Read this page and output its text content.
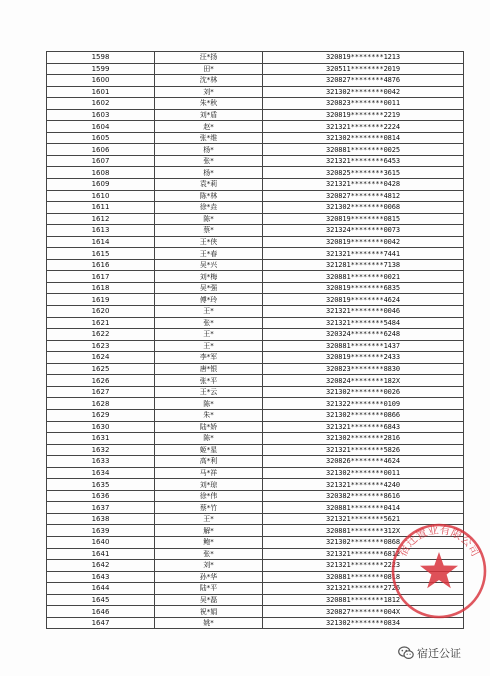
1598	汪*扬	320819********1213
1599	田*	320511********2019
1600	沈*林	320827********4876
1601	刘*	321302********0042
1602	朱*秋	320823********0011
1603	刘*盾	320819********2219
1604	赵*	321321********2224
1605	张*维	321302********0814
1606	杨*	320881********0025
1607	张*	321321********6453
1608	杨*	320825********3615
1609	袁*莉	321321********0428
1610	陈*林	320827********4812
1611	徐*垚	321302********0068
1612	陈*	320819********0815
1613	蔡*	321324********0073
1614	王*侠	320819********0042
1615	王*春	321321********7441
1616	吴*兴	321281********7138
1617	刘*梅	320881********0021
1618	吴*强	320819********6835
1619	傅*玲	320819********4624
1620	王*	321321********0046
1621	张*	321321********5484
1622	王*	320324********6248
1623	王*	320881********1437
1624	李*军	320819********2433
1625	唐*银	320823********8830
1626	张*平	320824********182X
1627	王*云	321302********0026
1628	陈*	321322********0109
1629	朱*	321302********0866
1630	陆*娇	321321********6843
1631	陈*	321302********2816
1632	姬*星	321321********5826
1633	高*利	320826********4624
1634	马*祥	321302********0011
1635	刘*琼	321321********4240
1636	徐*伟	320382********8616
1637	蔡*竹	320881********0414
1638	王*	321321********5621
1639	解*	320881********312X
1640	鲍*	321302********0868
1641	张*	321321********6812
1642	刘*	321321********2223
1643	孙*华	320881********0818
1644	陆*平	321321********2726
1645	吴*磊	320881********1812
1646	祝*娟	320827********004X
1647	姚*	321302********0834
宿迁置业有限公司
宿迁公证
